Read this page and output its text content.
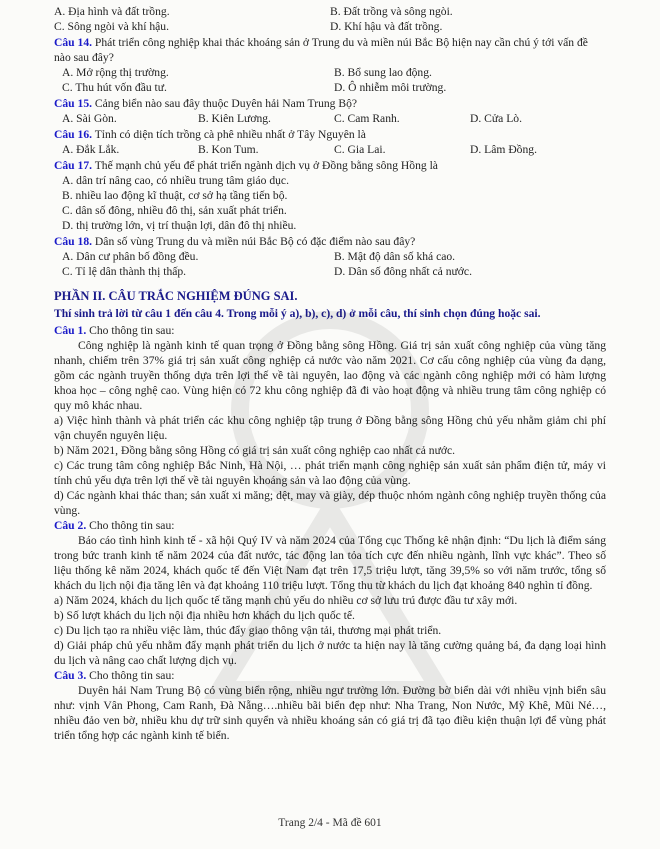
A. Địa hình và đất trồng.	B. Đất trồng và sông ngòi.
C. Sông ngòi và khí hậu.	D. Khí hậu và đất trồng.
Câu 14. Phát triển công nghiệp khai thác khoáng sản ở Trung du và miền núi Bắc Bộ hiện nay cần chú ý tới vấn đề nào sau đây?
A. Mở rộng thị trường.	B. Bổ sung lao động.
C. Thu hút vốn đầu tư.	D. Ô nhiễm môi trường.
Câu 15. Cảng biển nào sau đây thuộc Duyên hải Nam Trung Bộ?
A. Sài Gòn.	B. Kiên Lương.	C. Cam Ranh.	D. Cửa Lò.
Câu 16. Tỉnh có diện tích trồng cà phê nhiều nhất ở Tây Nguyên là
A. Đắk Lắk.	B. Kon Tum.	C. Gia Lai.	D. Lâm Đồng.
Câu 17. Thế mạnh chủ yếu để phát triển ngành dịch vụ ở Đồng bằng sông Hồng là
A. dân trí nâng cao, có nhiều trung tâm giáo dục.
B. nhiều lao động kĩ thuật, cơ sở hạ tầng tiến bộ.
C. dân số đông, nhiều đô thị, sản xuất phát triển.
D. thị trường lớn, vị trí thuận lợi, dân đô thị nhiều.
Câu 18. Dân số vùng Trung du và miền núi Bắc Bộ có đặc điểm nào sau đây?
A. Dân cư phân bố đồng đều.	B. Mật độ dân số khá cao.
C. Tỉ lệ dân thành thị thấp.	D. Dân số đông nhất cả nước.
PHẦN II. CÂU TRẮC NGHIỆM ĐÚNG SAI.
Thí sinh trả lời từ câu 1 đến câu 4. Trong mỗi ý a), b), c), d) ở mỗi câu, thí sinh chọn đúng hoặc sai.
Câu 1. Cho thông tin sau:

Công nghiệp là ngành kinh tế quan trọng ở Đồng bằng sông Hồng. Giá trị sản xuất công nghiệp của vùng tăng nhanh, chiếm trên 37% giá trị sản xuất công nghiệp cả nước vào năm 2021. Cơ cấu công nghiệp của vùng đa dạng, gồm các ngành truyền thống dựa trên lợi thế về tài nguyên, lao động và các ngành công nghiệp mới có hàm lượng khoa học – công nghệ cao. Vùng hiện có 72 khu công nghiệp đã đi vào hoạt động và nhiều trung tâm công nghiệp có quy mô khác nhau.

a) Việc hình thành và phát triển các khu công nghiệp tập trung ở Đồng bằng sông Hồng chủ yếu nhằm giảm chi phí vận chuyển nguyên liệu.

b) Năm 2021, Đồng bằng sông Hồng có giá trị sản xuất công nghiệp cao nhất cả nước.

c) Các trung tâm công nghiệp Bắc Ninh, Hà Nội, … phát triển mạnh công nghiệp sản xuất sản phẩm điện tử, máy vi tính chủ yếu dựa trên lợi thế về tài nguyên khoáng sản và lao động của vùng.

d) Các ngành khai thác than; sản xuất xi măng; dệt, may và giày, dép thuộc nhóm ngành công nghiệp truyền thống của vùng.

Câu 2. Cho thông tin sau:

Báo cáo tình hình kinh tế - xã hội Quý IV và năm 2024 của Tổng cục Thống kê nhận định: “Du lịch là điểm sáng trong bức tranh kinh tế năm 2024 của đất nước, tác động lan tỏa tích cực đến nhiều ngành, lĩnh vực khác”. Theo số liệu thống kê năm 2024, khách quốc tế đến Việt Nam đạt trên 17,5 triệu lượt, tăng 39,5% so với năm trước, tổng số khách du lịch nội địa tăng lên và đạt khoảng 110 triệu lượt. Tổng thu từ khách du lịch đạt khoảng 840 nghìn tỉ đồng.

a) Năm 2024, khách du lịch quốc tế tăng mạnh chủ yếu do nhiều cơ sở lưu trú được đầu tư xây mới.

b) Số lượt khách du lịch nội địa nhiều hơn khách du lịch quốc tế.

c) Du lịch tạo ra nhiều việc làm, thúc đẩy giao thông vận tải, thương mại phát triển.

d) Giải pháp chủ yếu nhằm đẩy mạnh phát triển du lịch ở nước ta hiện nay là tăng cường quảng bá, đa dạng loại hình du lịch và nâng cao chất lượng dịch vụ.

Câu 3. Cho thông tin sau:

Duyên hải Nam Trung Bộ có vùng biển rộng, nhiều ngư trường lớn. Đường bờ biển dài với nhiều vịnh biển sâu như: vịnh Vân Phong, Cam Ranh, Đà Nẵng….nhiều bãi biển đẹp như: Nha Trang, Non Nước, Mỹ Khê, Mũi Né…, nhiều đảo ven bờ, nhiều khu dự trữ sinh quyển và nhiều khoáng sản có giá trị đã tạo điều kiện thuận lợi để vùng phát triển tổng hợp các ngành kinh tế biển.

Trang 2/4 - Mã đề 601
